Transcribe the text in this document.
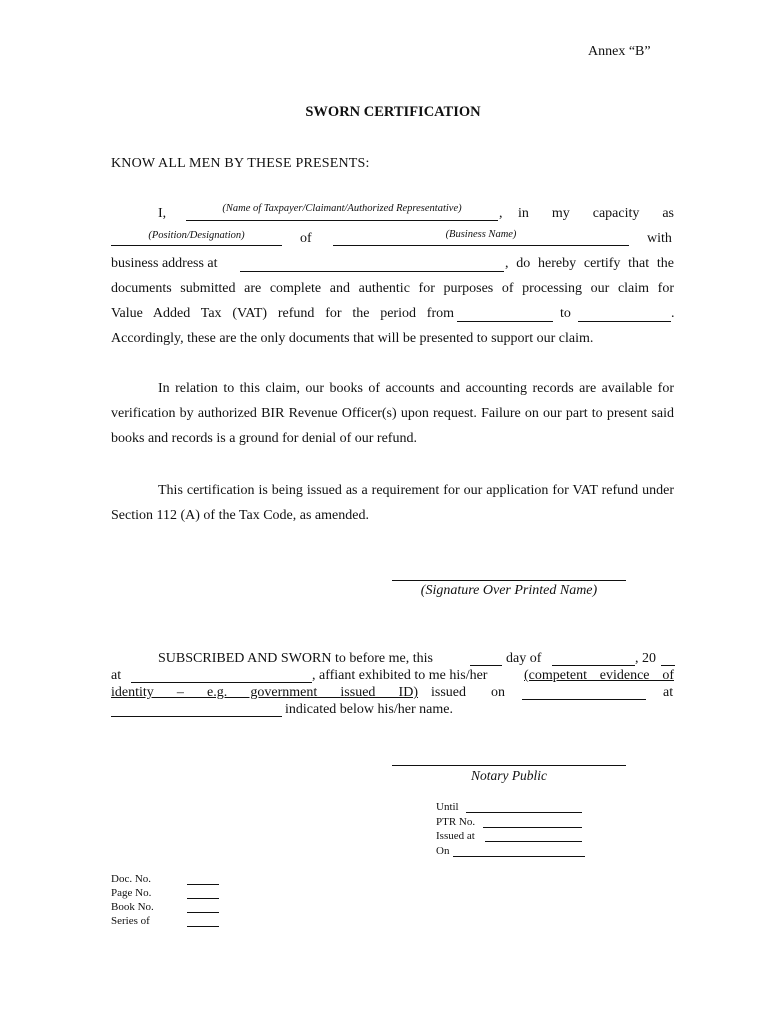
Annex “B”
SWORN CERTIFICATION
KNOW ALL MEN BY THESE PRESENTS:
I,	(Name of Taxpayer/Claimant/Authorized Representative)	, in my capacity as
(Position/Designation)	of	(Business Name)	with
business address at	, do hereby certify that the
documents submitted are complete and authentic for purposes of processing our claim for
Value Added Tax (VAT) refund for the period from	to	.
Accordingly, these are the only documents that will be presented to support our claim.

In relation to this claim, our books of accounts and accounting records are available for verification by authorized BIR Revenue Officer(s) upon request. Failure on our part to present said books and records is a ground for denial of our refund.

This certification is being issued as a requirement for our application for VAT refund under Section 112 (A) of the Tax Code, as amended.

(Signature Over Printed Name)
SUBSCRIBED AND SWORN to before me, this	day of	, 20
at	, affiant exhibited to me his/her	(competent evidence of
identity – e.g. government issued ID) issued on	at
indicated below his/her name.
Notary Public
Until
PTR No.
Issued at
On
Doc. No.
Page No.
Book No.
Series of
